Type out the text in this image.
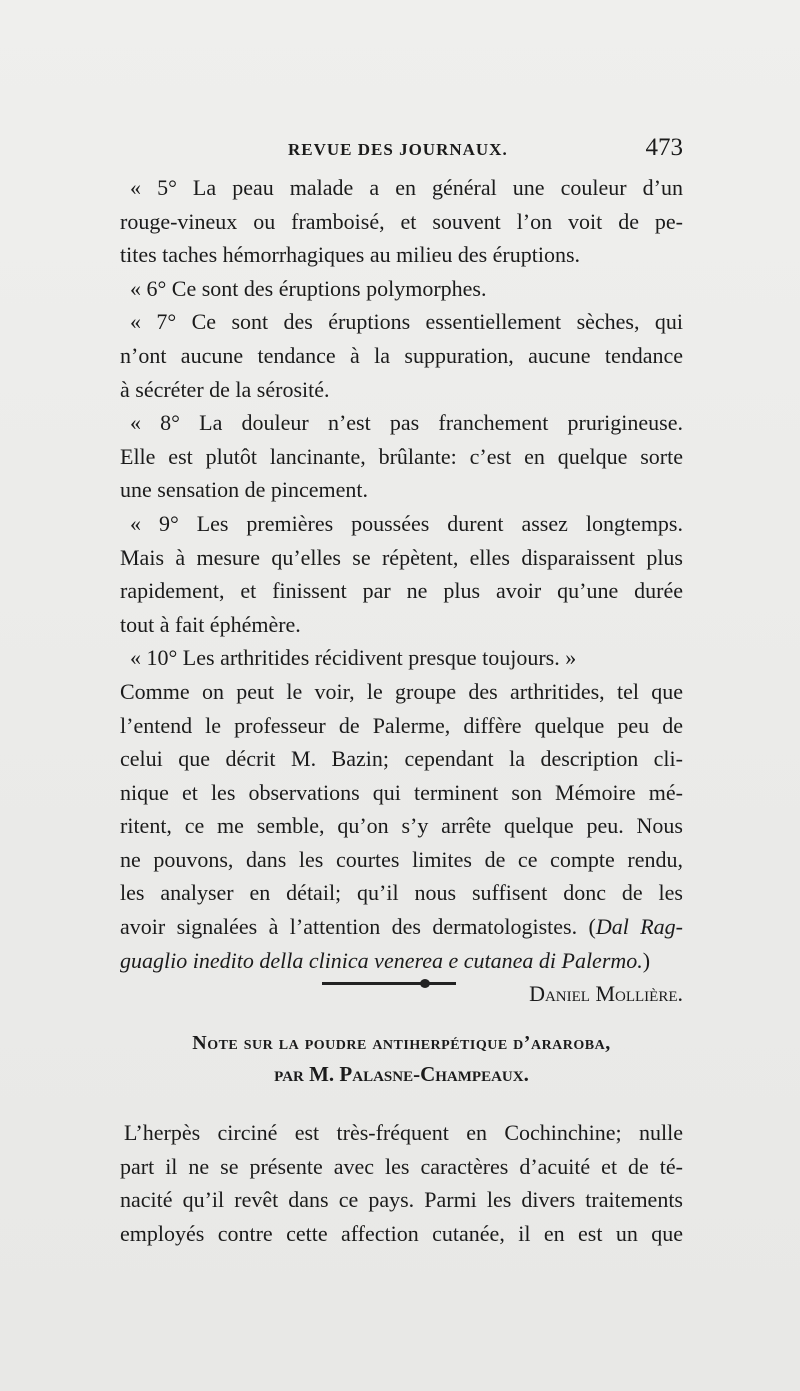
REVUE DES JOURNAUX.	473
« 5° La peau malade a en général une couleur d’un
rouge-vineux ou framboisé, et souvent l’on voit de pe-
tites taches hémorrhagiques au milieu des éruptions.
« 6° Ce sont des éruptions polymorphes.
« 7° Ce sont des éruptions essentiellement sèches, qui
n’ont aucune tendance à la suppuration, aucune tendance
à sécréter de la sérosité.
« 8° La douleur n’est pas franchement prurigineuse.
Elle est plutôt lancinante, brûlante: c’est en quelque sorte
une sensation de pincement.
« 9° Les premières poussées durent assez longtemps.
Mais à mesure qu’elles se répètent, elles disparaissent plus
rapidement, et finissent par ne plus avoir qu’une durée
tout à fait éphémère.
« 10° Les arthritides récidivent presque toujours. »
Comme on peut le voir, le groupe des arthritides, tel que
l’entend le professeur de Palerme, diffère quelque peu de
celui que décrit M. Bazin; cependant la description cli-
nique et les observations qui terminent son Mémoire mé-
ritent, ce me semble, qu’on s’y arrête quelque peu. Nous
ne pouvons, dans les courtes limites de ce compte rendu,
les analyser en détail; qu’il nous suffisent donc de les
avoir signalées à l’attention des dermatologistes. (Dal Rag-
guaglio inedito della clinica venerea e cutanea di Palermo.)
Daniel Mollière.
Note sur la poudre antiherpétique d’araroba,
par M. Palasne-Champeaux.
L’herpès circiné est très-fréquent en Cochinchine; nulle
part il ne se présente avec les caractères d’acuité et de té-
nacité qu’il revêt dans ce pays. Parmi les divers traitements
employés contre cette affection cutanée, il en est un que
